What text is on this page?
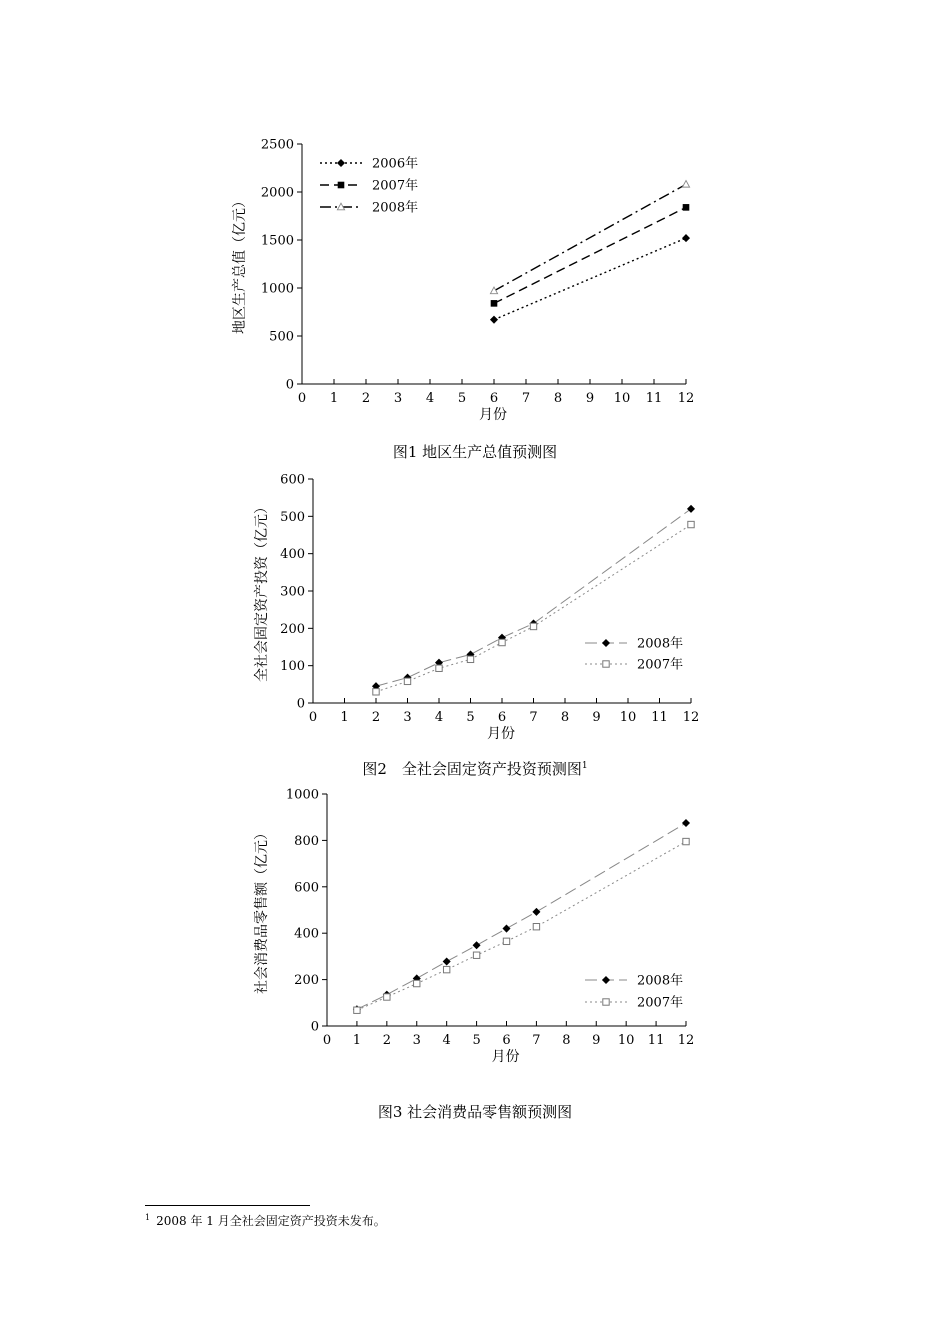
0
500
1000
1500
2000
2500
0 1 2 3 4 5 6 7 8 9 10 11 12
月份
地区生产总值（亿元）
2006年
2007年
2008年
图1 地区生产总值预测图
0
100
200
300
400
500
600
0 1 2 3 4 5 6 7 8 9 10 11 12
月份
全社会固定资产投资（亿元）	2008年
2007年
图2　全社会固定资产投资预测图$^1$
0
200
400
600
800
1000
0 1 2 3 4 5 6 7 8 9 10 11 12
月份
社会消费品零售额（亿元）	2008年
2007年
图3 社会消费品零售额预测图
$^1$ 2008 年 1 月全社会固定资产投资未发布。
